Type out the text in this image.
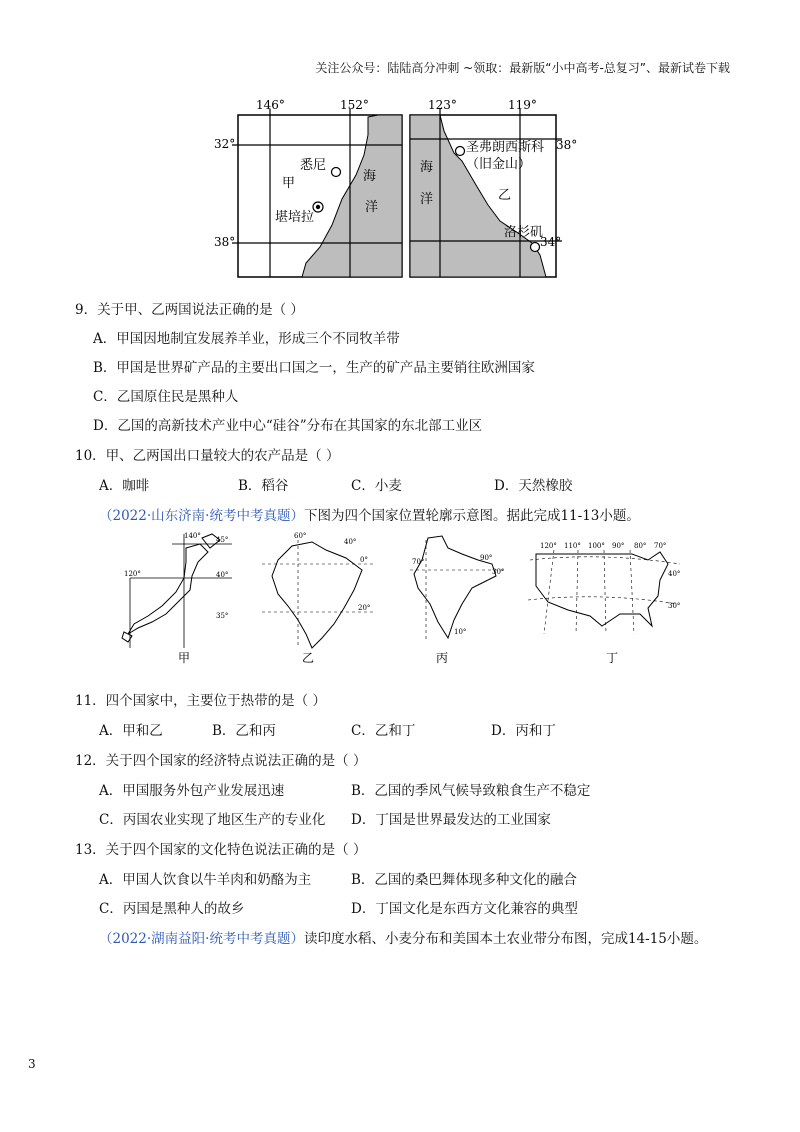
关注公众号：陆陆高分冲刺 ~领取：最新版“小中高考-总复习”、最新试卷下载
146°	152°
32°
38°
悉尼
甲
堪培拉
海
洋
123°	119°
38°
34°
圣弗朗西斯科
（旧金山）
乙
洛杉矶
海
洋
9．关于甲、乙两国说法正确的是（ ）
A．甲国因地制宜发展养羊业，形成三个不同牧羊带
B．甲国是世界矿产品的主要出口国之一，生产的矿产品主要销往欧洲国家
C．乙国原住民是黑种人
D．乙国的高新技术产业中心“硅谷”分布在其国家的东北部工业区
10．甲、乙两国出口量较大的农产品是（ ）
A．咖啡	B．稻谷	C．小麦	D．天然橡胶
（2022·山东济南·统考中考真题）下图为四个国家位置轮廓示意图。据此完成11-13小题。
140° 45°
120°	40°
35°
甲
60°
40°
0°
20°
乙
70°	90°
30°
10°
丙
120° 110° 100° 90° 80° 70°
40°
30°
丁
11．四个国家中，主要位于热带的是（ ）
A．甲和乙	B．乙和丙	C．乙和丁	D．丙和丁
12．关于四个国家的经济特点说法正确的是（ ）
A．甲国服务外包产业发展迅速	B．乙国的季风气候导致粮食生产不稳定
C．丙国农业实现了地区生产的专业化 D．丁国是世界最发达的工业国家
13．关于四个国家的文化特色说法正确的是（ ）
A．甲国人饮食以牛羊肉和奶酪为主	B．乙国的桑巴舞体现多种文化的融合
C．丙国是黑种人的故乡	D．丁国文化是东西方文化兼容的典型
（2022·湖南益阳·统考中考真题）读印度水稻、小麦分布和美国本土农业带分布图，完成14-15小题。
3
